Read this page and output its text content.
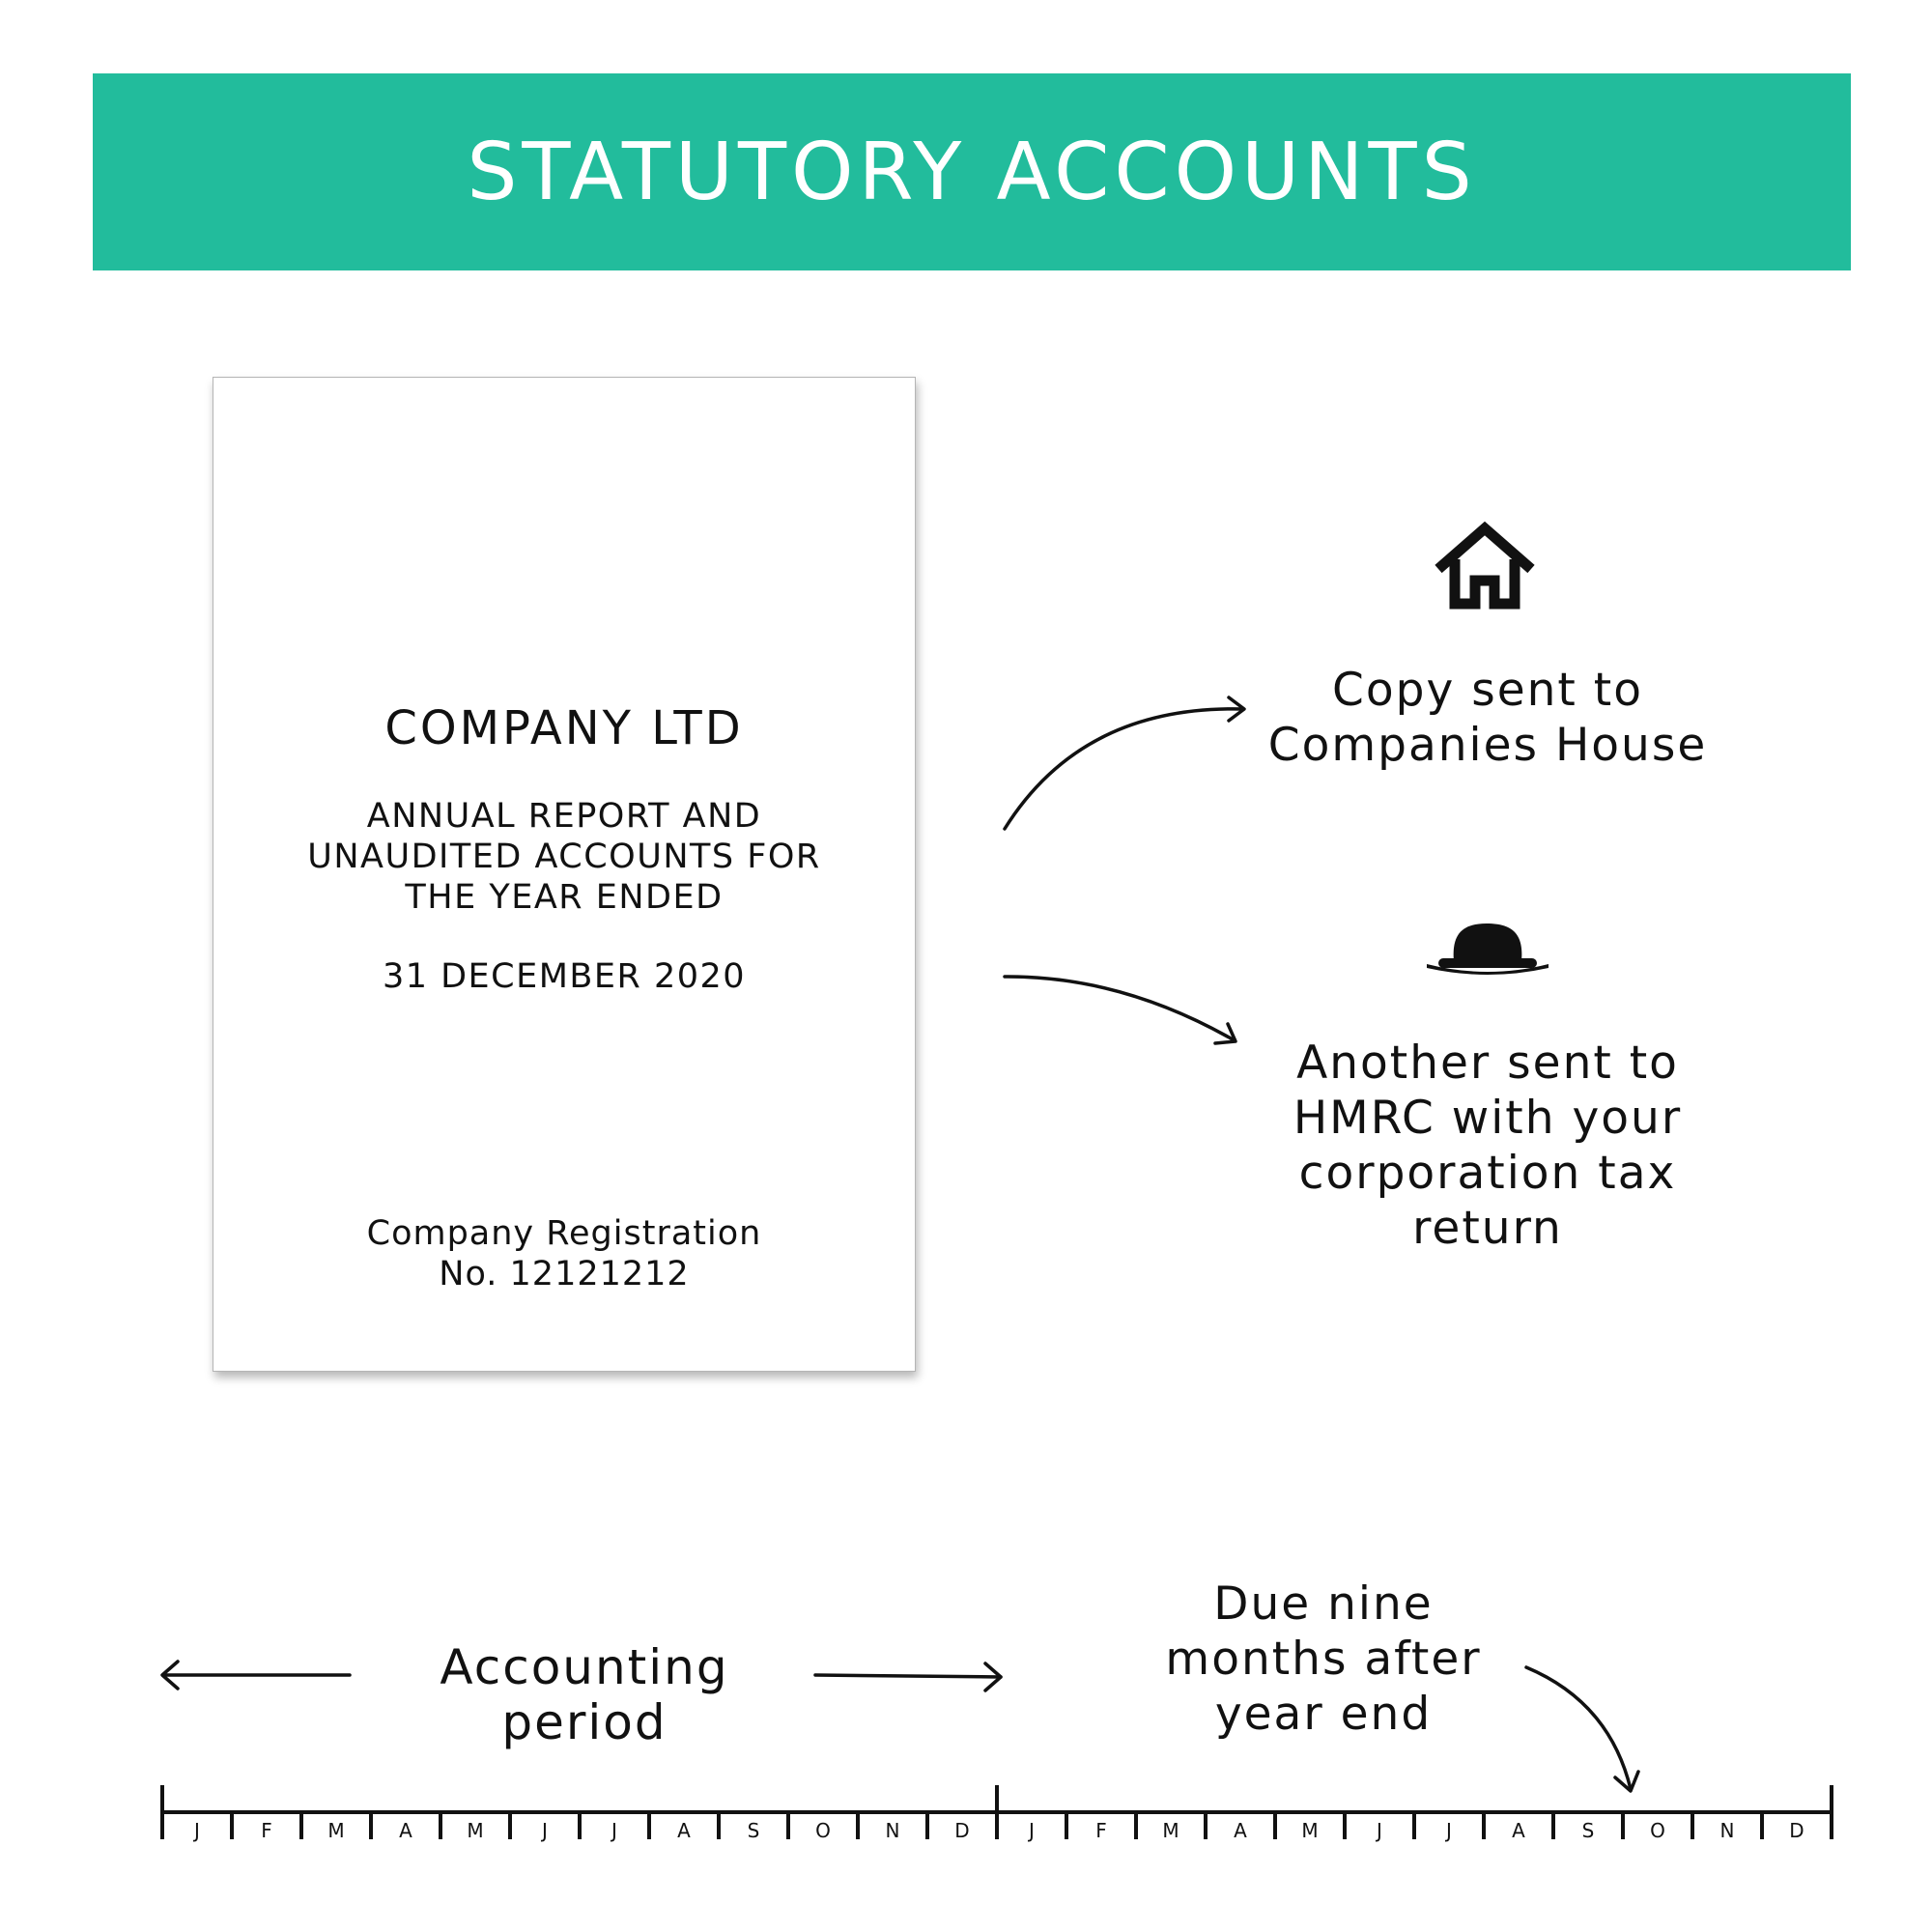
STATUTORY ACCOUNTS
COMPANY LTD
ANNUAL REPORT AND
UNAUDITED ACCOUNTS FOR
THE YEAR ENDED
31 DECEMBER 2020
Company Registration
No. 12121212
Copy sent to
Companies House
Another sent to
HMRC with your
corporation tax
return
Due nine
months after
year end
Accounting period
J	F	M	A	M	J	J	A	S	O	N	D	J	F	M	A	M	J	J	A	S	O	N	D
